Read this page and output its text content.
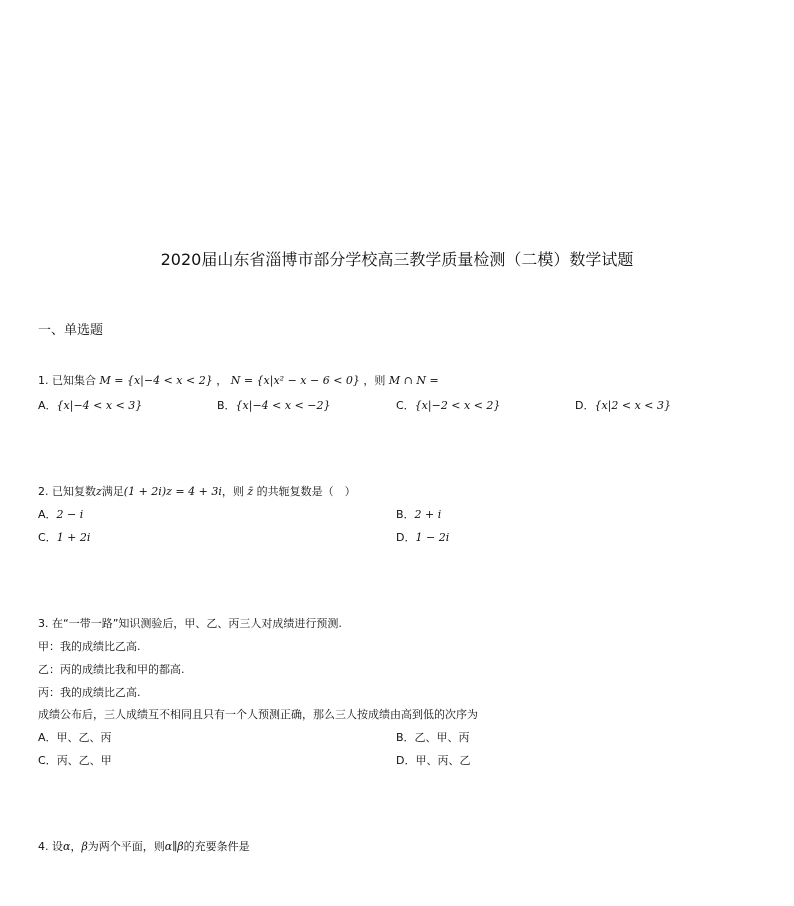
2020届山东省淄博市部分学校高三教学质量检测（二模）数学试题
一、单选题
1. 已知集合 M = {x|−4 < x < 2} ， N = {x|x² − x − 6 < 0} ，则 M ∩ N =
A．{x|−4 < x < 3}	B．{x|−4 < x < −2}	C．{x|−2 < x < 2}	D．{x|2 < x < 3}
2. 已知复数z满足(1 + 2i)z = 4 + 3i，则 z̄ 的共轭复数是（　）
A．2 − i	B．2 + i
C．1 + 2i	D．1 − 2i
3. 在“一带一路”知识测验后，甲、乙、丙三人对成绩进行预测.
甲：我的成绩比乙高.
乙：丙的成绩比我和甲的都高.
丙：我的成绩比乙高.
成绩公布后，三人成绩互不相同且只有一个人预测正确，那么三人按成绩由高到低的次序为
A．甲、乙、丙	B．乙、甲、丙
C．丙、乙、甲	D．甲、丙、乙
4. 设α，β为两个平面，则α∥β的充要条件是
